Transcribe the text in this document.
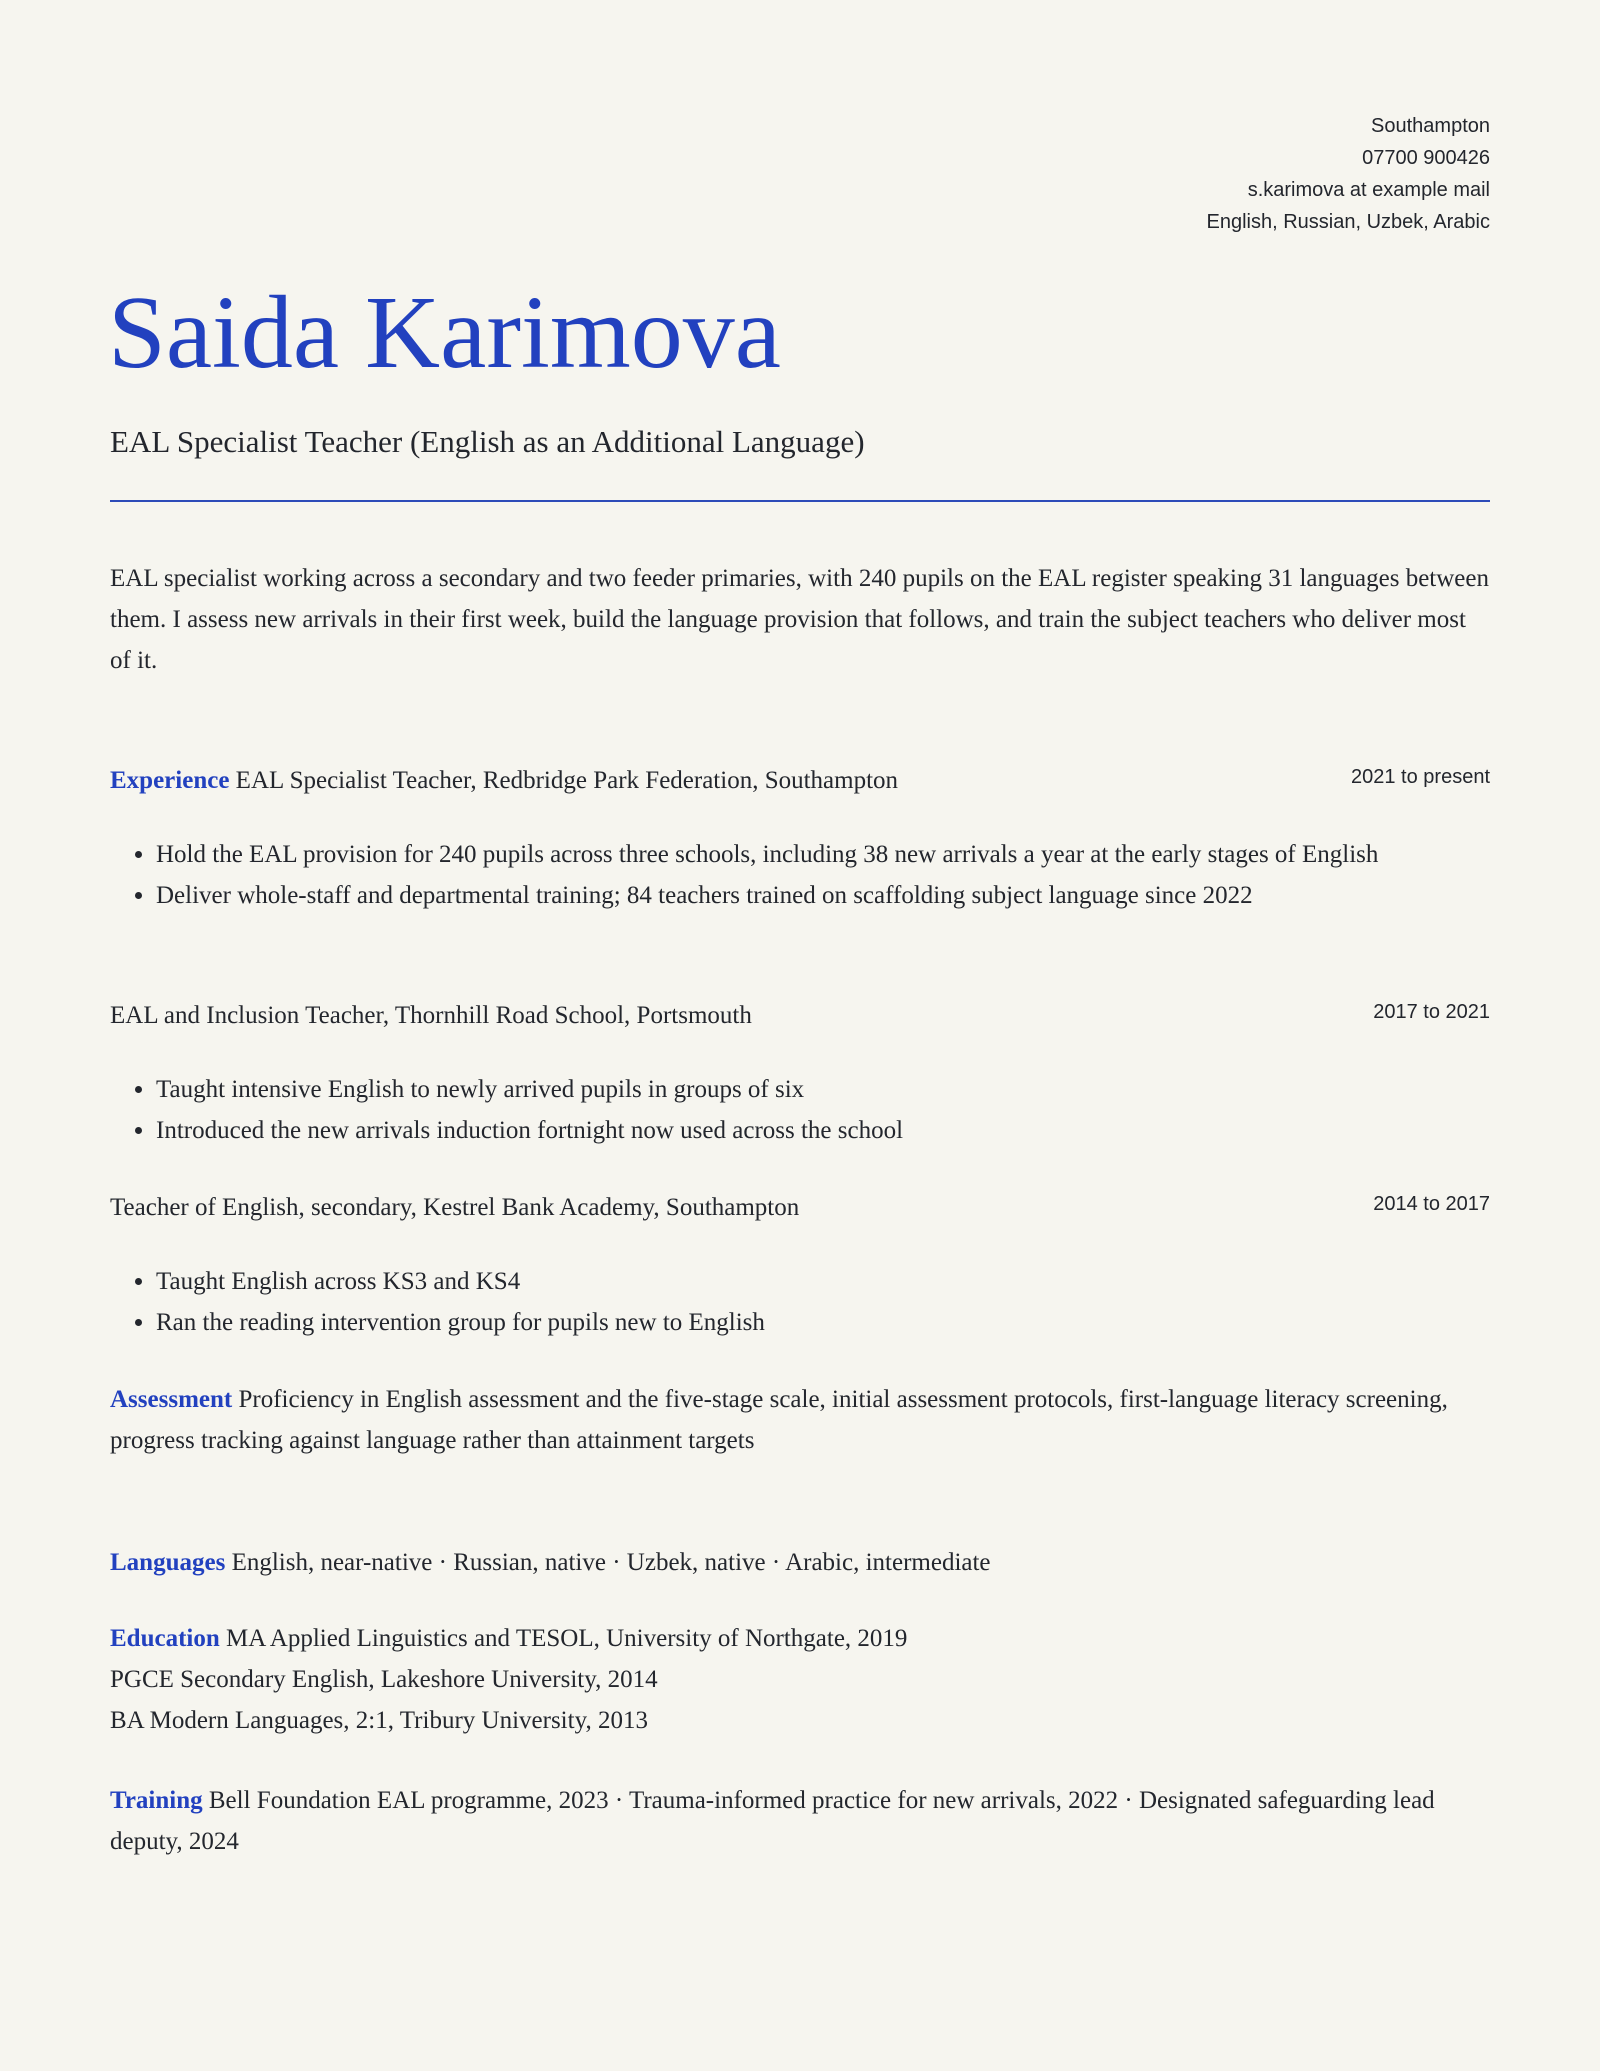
Southampton
07700 900426
s.karimova at example mail
English, Russian, Uzbek, Arabic
Saida Karimova
EAL Specialist Teacher (English as an Additional Language)
EAL specialist working across a secondary and two feeder primaries, with 240 pupils on the EAL register speaking 31 languages between them. I assess new arrivals in their first week, build the language provision that follows, and train the subject teachers who deliver most of it.
Experience EAL Specialist Teacher, Redbridge Park Federation, Southampton	2021 to present
• Hold the EAL provision for 240 pupils across three schools, including 38 new arrivals a year at the early stages of English
• Deliver whole-staff and departmental training; 84 teachers trained on scaffolding subject language since 2022
EAL and Inclusion Teacher, Thornhill Road School, Portsmouth	2017 to 2021
• Taught intensive English to newly arrived pupils in groups of six
• Introduced the new arrivals induction fortnight now used across the school
Teacher of English, secondary, Kestrel Bank Academy, Southampton	2014 to 2017
• Taught English across KS3 and KS4
• Ran the reading intervention group for pupils new to English
Assessment Proficiency in English assessment and the five-stage scale, initial assessment protocols, first-language literacy screening, progress tracking against language rather than attainment targets
Languages English, near-native · Russian, native · Uzbek, native · Arabic, intermediate
Education MA Applied Linguistics and TESOL, University of Northgate, 2019
PGCE Secondary English, Lakeshore University, 2014
BA Modern Languages, 2:1, Tribury University, 2013
Training Bell Foundation EAL programme, 2023 · Trauma-informed practice for new arrivals, 2022 · Designated safeguarding lead deputy, 2024
